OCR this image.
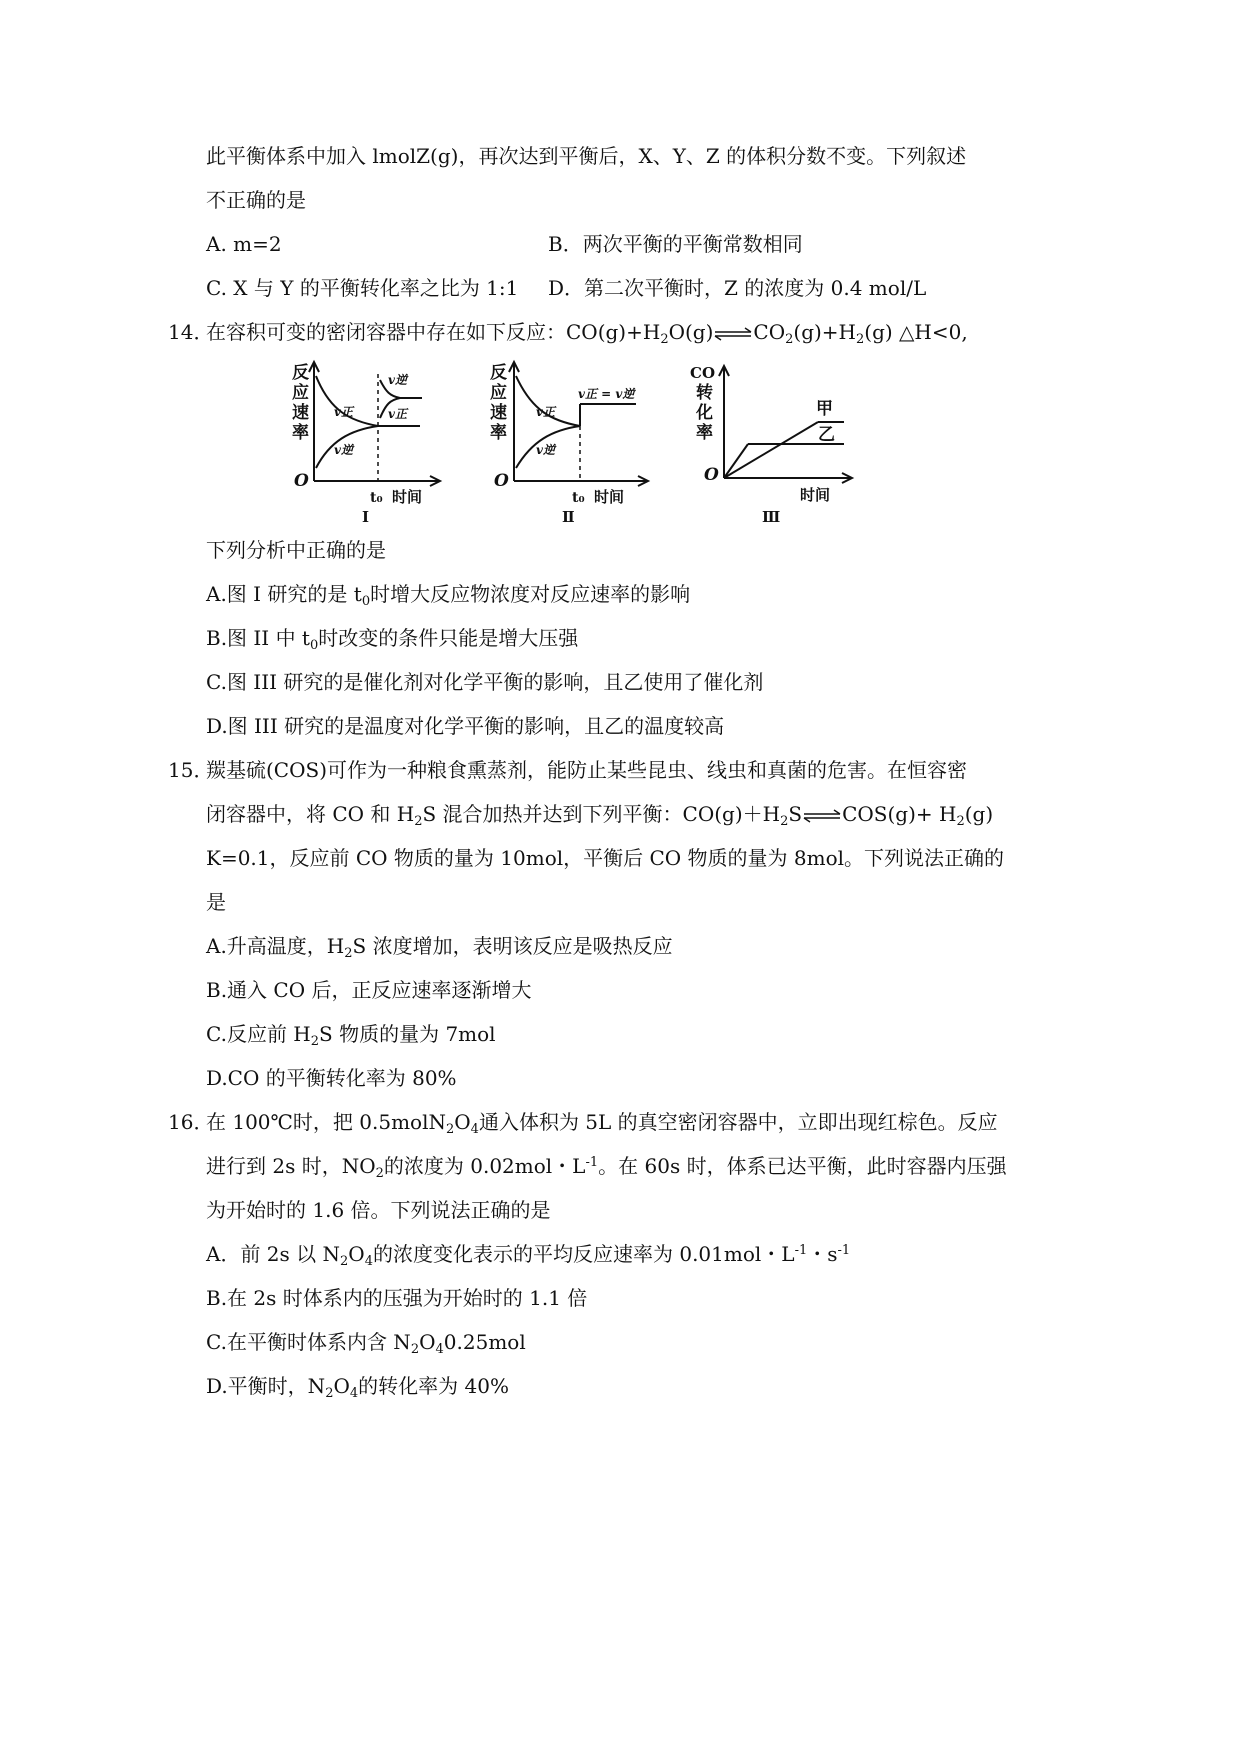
此平衡体系中加入 lmolZ(g)，再次达到平衡后，X、Y、Z 的体积分数不变。下列叙述
不正确的是
A. m=2	B．两次平衡的平衡常数相同
C. X 与 Y 的平衡转化率之比为 1:1 D．第二次平衡时，Z 的浓度为 0.4 mol/L
14．
在容积可变的密闭容器中存在如下反应：$CO(g)+H_2O(g)\rightleftharpoons CO_2(g)+H_2(g)$ △H<0,
反
应
速
率
O
t₀ 时间
v正
v逆
v逆
v正
Ⅰ
反
应
速
率
O
t₀ 时间
v正
v逆
v正 = v逆
Ⅱ
CO
转
化
率
O
时间
甲
乙
Ⅲ
下列分析中正确的是
A.图 I 研究的是 $t_0$时增大反应物浓度对反应速率的影响
B.图 II 中 $t_0$时改变的条件只能是增大压强
C.图 III 研究的是催化剂对化学平衡的影响，且乙使用了催化剂
D.图 III 研究的是温度对化学平衡的影响，且乙的温度较高
15．
羰基硫(COS)可作为一种粮食熏蒸剂，能防止某些昆虫、线虫和真菌的危害。在恒容密
闭容器中，将 CO 和 $H_2S$ 混合加热并达到下列平衡：$CO(g)+H_2S\rightleftharpoons COS(g)+ H_2(g)$
K=0.1，反应前 CO 物质的量为 10mol，平衡后 CO 物质的量为 8mol。下列说法正确的
是
A.升高温度，$H_2S$ 浓度增加，表明该反应是吸热反应
B.通入 CO 后，正反应速率逐渐增大
C.反应前 $H_2S$ 物质的量为 7mol
D.CO 的平衡转化率为 80%
16．
在 100℃时，把 $0.5molN_2O_4$通入体积为 5L 的真空密闭容器中，立即出现红棕色。反应
进行到 2s 时，$NO_2$的浓度为 0.02mol・$L^{-1}$。在 60s 时，体系已达平衡，此时容器内压强
为开始时的 1.6 倍。下列说法正确的是
A．前 2s 以 $N_2O_4$的浓度变化表示的平均反应速率为 0.01mol・$L^{-1}$・$s^{-1}$
B.在 2s 时体系内的压强为开始时的 1.1 倍
C.在平衡时体系内含 $N_2O_40.25mol$
D.平衡时，$N_2O_4$的转化率为 40%
